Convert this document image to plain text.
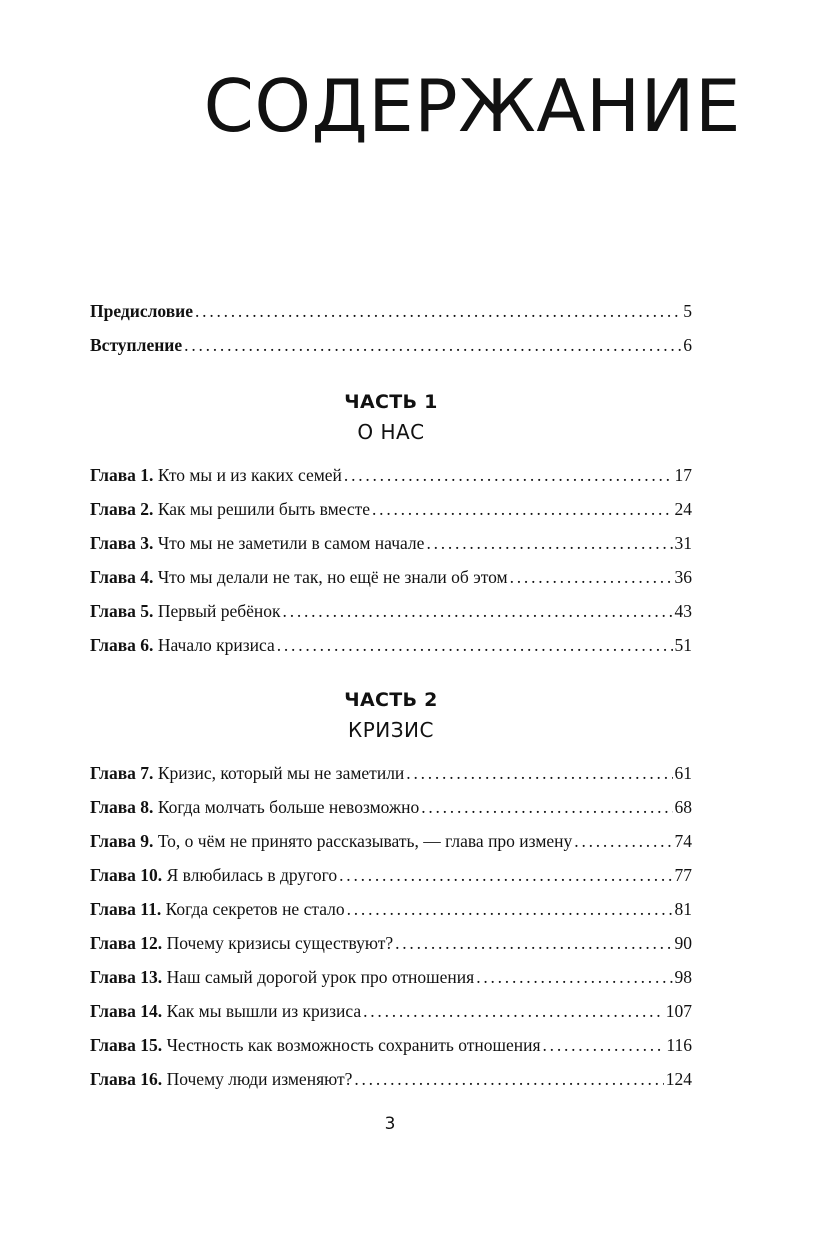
СОДЕРЖАНИЕ
Предисловие . . .	5
Вступление . . .	6
ЧАСТЬ 1
О НАС
Глава 1. Кто мы и из каких семей . . .	17
Глава 2. Как мы решили быть вместе . . .	24
Глава 3. Что мы не заметили в самом начале . . .	31
Глава 4. Что мы делали не так, но ещё не знали об этом . . .	36
Глава 5. Первый ребёнок . . .	43
Глава 6. Начало кризиса . . .	51
ЧАСТЬ 2
КРИЗИС
Глава 7. Кризис, который мы не заметили . . .	61
Глава 8. Когда молчать больше невозможно . . .	68
Глава 9. То, о чём не принято рассказывать, — глава про измену . . .	74
Глава 10. Я влюбилась в другого . . .	77
Глава 11. Когда секретов не стало . . .	81
Глава 12. Почему кризисы существуют? . . .	90
Глава 13. Наш самый дорогой урок про отношения . . .	98
Глава 14. Как мы вышли из кризиса . . .	107
Глава 15. Честность как возможность сохранить отношения . . .	116
Глава 16. Почему люди изменяют? . . .	124
3
